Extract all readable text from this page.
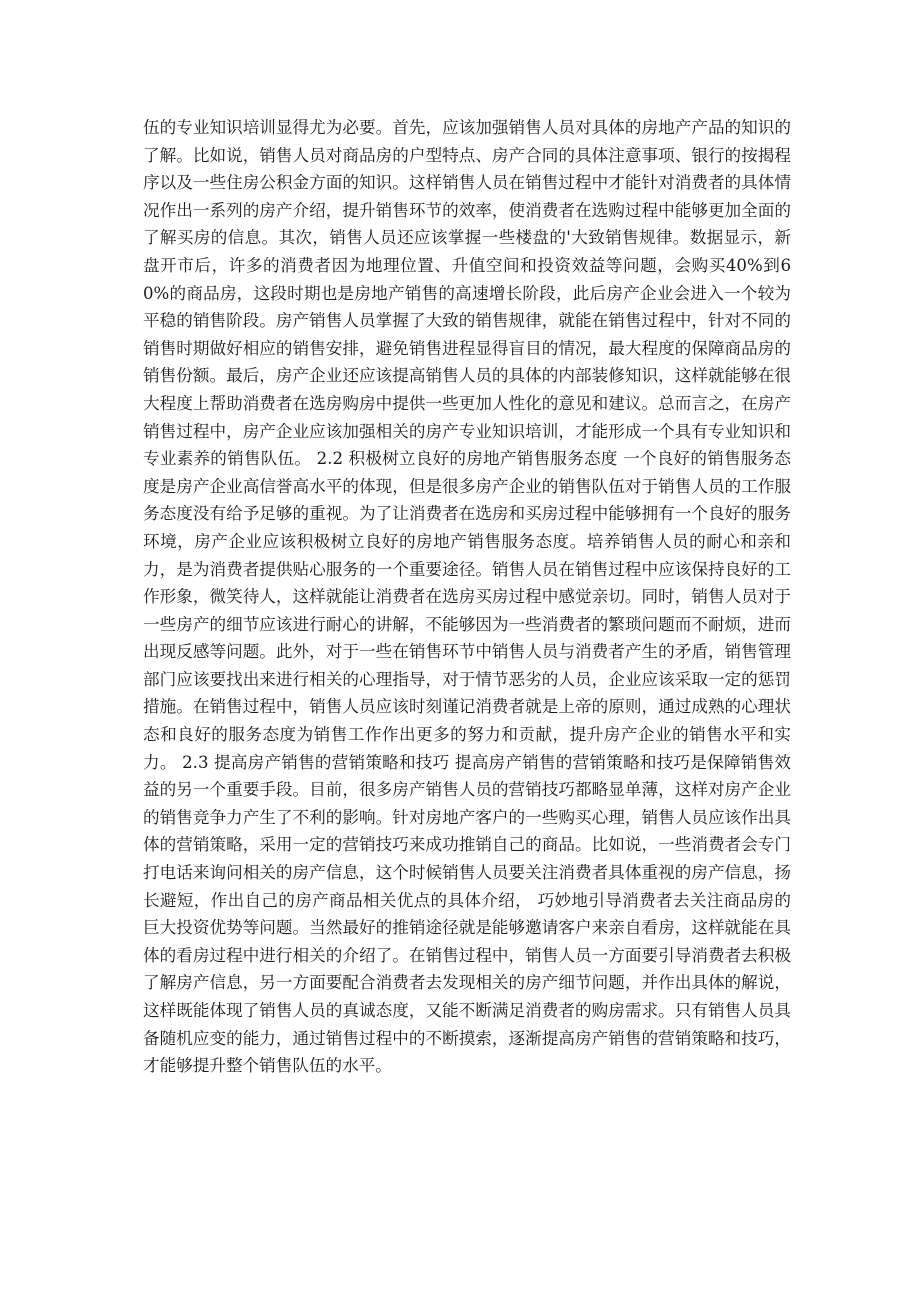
伍的专业知识培训显得尤为必要。首先，应该加强销售人员对具体的房地产产品的知识的了解。比如说，销售人员对商品房的户型特点、房产合同的具体注意事项、银行的按揭程序以及一些住房公积金方面的知识。这样销售人员在销售过程中才能针对消费者的具体情况作出一系列的房产介绍，提升销售环节的效率，使消费者在选购过程中能够更加全面的了解买房的信息。其次，销售人员还应该掌握一些楼盘的'大致销售规律。数据显示，新盘开市后，许多的消费者因为地理位置、升值空间和投资效益等问题，会购买40%到60%的商品房，这段时期也是房地产销售的高速增长阶段，此后房产企业会进入一个较为平稳的销售阶段。房产销售人员掌握了大致的销售规律，就能在销售过程中，针对不同的销售时期做好相应的销售安排，避免销售进程显得盲目的情况，最大程度的保障商品房的销售份额。最后，房产企业还应该提高销售人员的具体的内部装修知识，这样就能够在很大程度上帮助消费者在选房购房中提供一些更加人性化的意见和建议。总而言之，在房产销售过程中，房产企业应该加强相关的房产专业知识培训，才能形成一个具有专业知识和专业素养的销售队伍。 2.2 积极树立良好的房地产销售服务态度 一个良好的销售服务态度是房产企业高信誉高水平的体现，但是很多房产企业的销售队伍对于销售人员的工作服务态度没有给予足够的重视。为了让消费者在选房和买房过程中能够拥有一个良好的服务环境，房产企业应该积极树立良好的房地产销售服务态度。培养销售人员的耐心和亲和力，是为消费者提供贴心服务的一个重要途径。销售人员在销售过程中应该保持良好的工作形象，微笑待人，这样就能让消费者在选房买房过程中感觉亲切。同时，销售人员对于一些房产的细节应该进行耐心的讲解，不能够因为一些消费者的繁琐问题而不耐烦，进而出现反感等问题。此外，对于一些在销售环节中销售人员与消费者产生的矛盾，销售管理部门应该要找出来进行相关的心理指导，对于情节恶劣的人员，企业应该采取一定的惩罚措施。在销售过程中，销售人员应该时刻谨记消费者就是上帝的原则，通过成熟的心理状态和良好的服务态度为销售工作作出更多的努力和贡献，提升房产企业的销售水平和实力。 2.3 提高房产销售的营销策略和技巧 提高房产销售的营销策略和技巧是保障销售效益的另一个重要手段。目前，很多房产销售人员的营销技巧都略显单薄，这样对房产企业的销售竞争力产生了不利的影响。针对房地产客户的一些购买心理，销售人员应该作出具体的营销策略，采用一定的营销技巧来成功推销自己的商品。比如说，一些消费者会专门打电话来询问相关的房产信息，这个时候销售人员要关注消费者具体重视的房产信息，扬长避短，作出自己的房产商品相关优点的具体介绍， 巧妙地引导消费者去关注商品房的巨大投资优势等问题。当然最好的推销途径就是能够邀请客户来亲自看房，这样就能在具体的看房过程中进行相关的介绍了。在销售过程中，销售人员一方面要引导消费者去积极了解房产信息，另一方面要配合消费者去发现相关的房产细节问题，并作出具体的解说，这样既能体现了销售人员的真诚态度，又能不断满足消费者的购房需求。只有销售人员具备随机应变的能力，通过销售过程中的不断摸索，逐渐提高房产销售的营销策略和技巧，才能够提升整个销售队伍的水平。
